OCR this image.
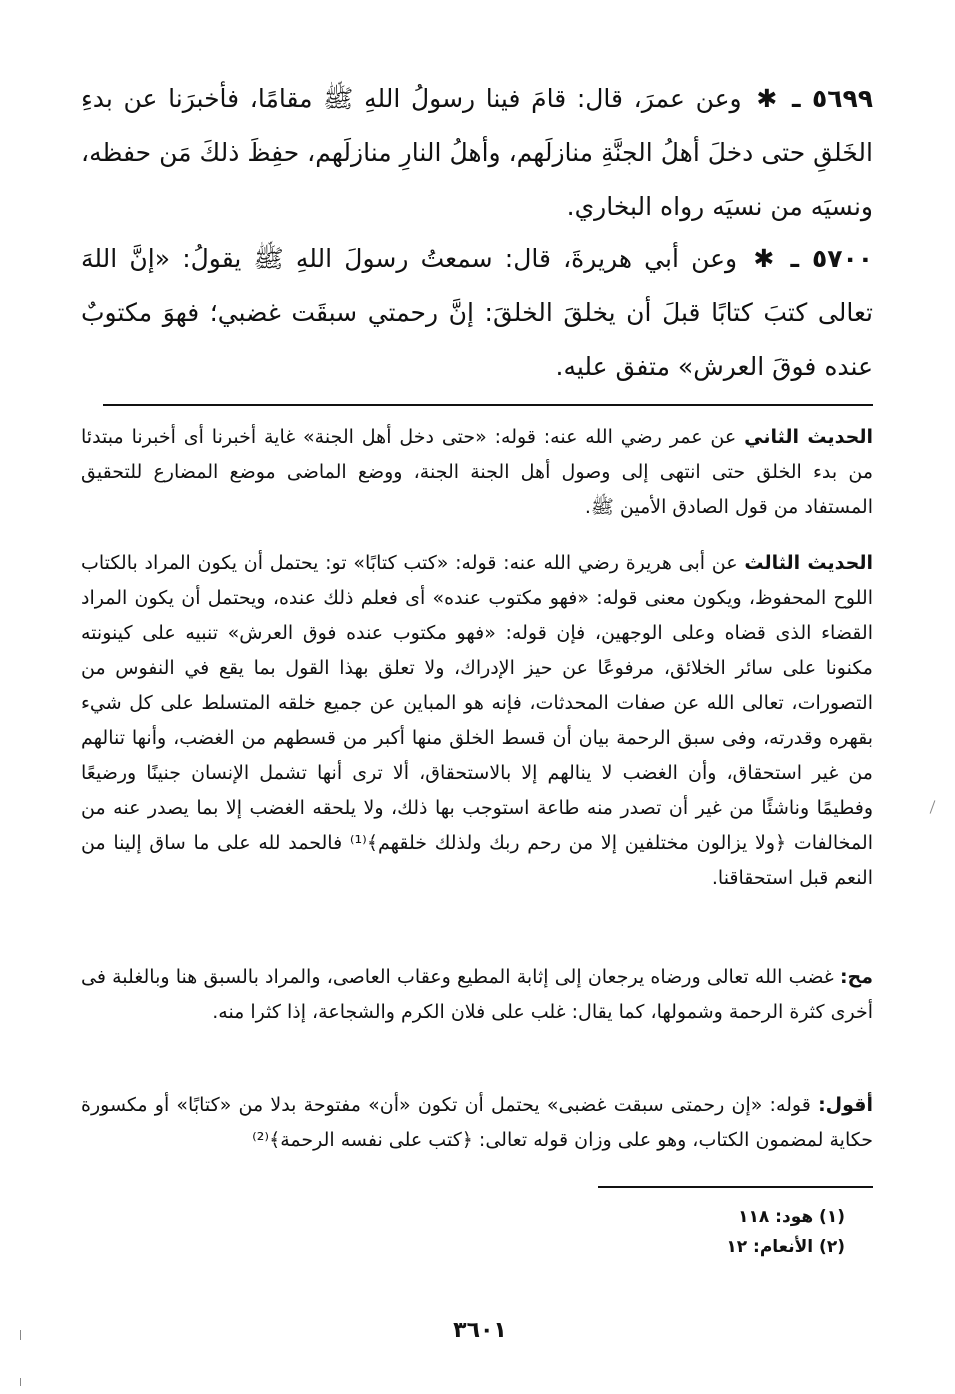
٥٦٩٩ ـ ✱ وعن عمرَ، قال: قامَ فينا رسولُ اللهِ ﷺ مقامًا، فأخبرَنا عن بدءِ الخَلقِ حتى دخلَ أهلُ الجنَّةِ منازلَهم، وأهلُ النارِ منازلَهم، حفِظَ ذلكَ مَن حفظه، ونسيَه من نسيَه رواه البخاري.

٥٧٠٠ ـ ✱ وعن أبي هريرةَ، قال: سمعتُ رسولَ اللهِ ﷺ يقولُ: «إنَّ اللهَ تعالى كتبَ كتابًا قبلَ أن يخلقَ الخلقَ: إنَّ رحمتي سبقَت غضبي؛ فهوَ مكتوبٌ عنده فوقَ العرش» متفق عليه.

الحديث الثاني عن عمر رضي الله عنه: قوله: «حتى دخل أهل الجنة» غاية أخبرنا أى أخبرنا مبتدئا من بدء الخلق حتى انتهى إلى وصول أهل الجنة الجنة، ووضع الماضى موضع المضارع للتحقيق المستفاد من قول الصادق الأمين ﷺ.

الحديث الثالث عن أبى هريرة رضي الله عنه: قوله: «كتب كتابًا» تو: يحتمل أن يكون المراد بالكتاب اللوح المحفوظ، ويكون معنى قوله: «فهو مكتوب عنده» أى فعلم ذلك عنده، ويحتمل أن يكون المراد القضاء الذى قضاه وعلى الوجهين، فإن قوله: «فهو مكتوب عنده فوق العرش» تنبيه على كينونته مكنونا على سائر الخلائق، مرفوعًا عن حيز الإدراك، ولا تعلق بهذا القول بما يقع في النفوس من التصورات، تعالى الله عن صفات المحدثات، فإنه هو المباين عن جميع خلقه المتسلط على كل شيء بقهره وقدرته، وفى سبق الرحمة بيان أن قسط الخلق منها أكبر من قسطهم من الغضب، وأنها تنالهم من غير استحقاق، وأن الغضب لا ينالهم إلا بالاستحقاق، ألا ترى أنها تشمل الإنسان جنينًا ورضيعًا وفطيمًا وناشئًا من غير أن تصدر منه طاعة استوجب بها ذلك، ولا يلحقه الغضب إلا بما يصدر عنه من المخالفات ﴿ولا يزالون مختلفين إلا من رحم ربك ولذلك خلقهم﴾⁽¹⁾ فالحمد لله على ما ساق إلينا من النعم قبل استحقاقنا.

مح: غضب الله تعالى ورضاه يرجعان إلى إثابة المطيع وعقاب العاصى، والمراد بالسبق هنا وبالغلبة فى أخرى كثرة الرحمة وشمولها، كما يقال: غلب على فلان الكرم والشجاعة، إذا كثرا منه.

أقول: قوله: «إن رحمتى سبقت غضبى» يحتمل أن تكون «أن» مفتوحة بدلا من «كتابًا» أو مكسورة حكاية لمضمون الكتاب، وهو على وزان قوله تعالى: ﴿كتب على نفسه الرحمة﴾⁽²⁾

(١) هود: ١١٨

(٢) الأنعام: ١٢

٣٦٠١
